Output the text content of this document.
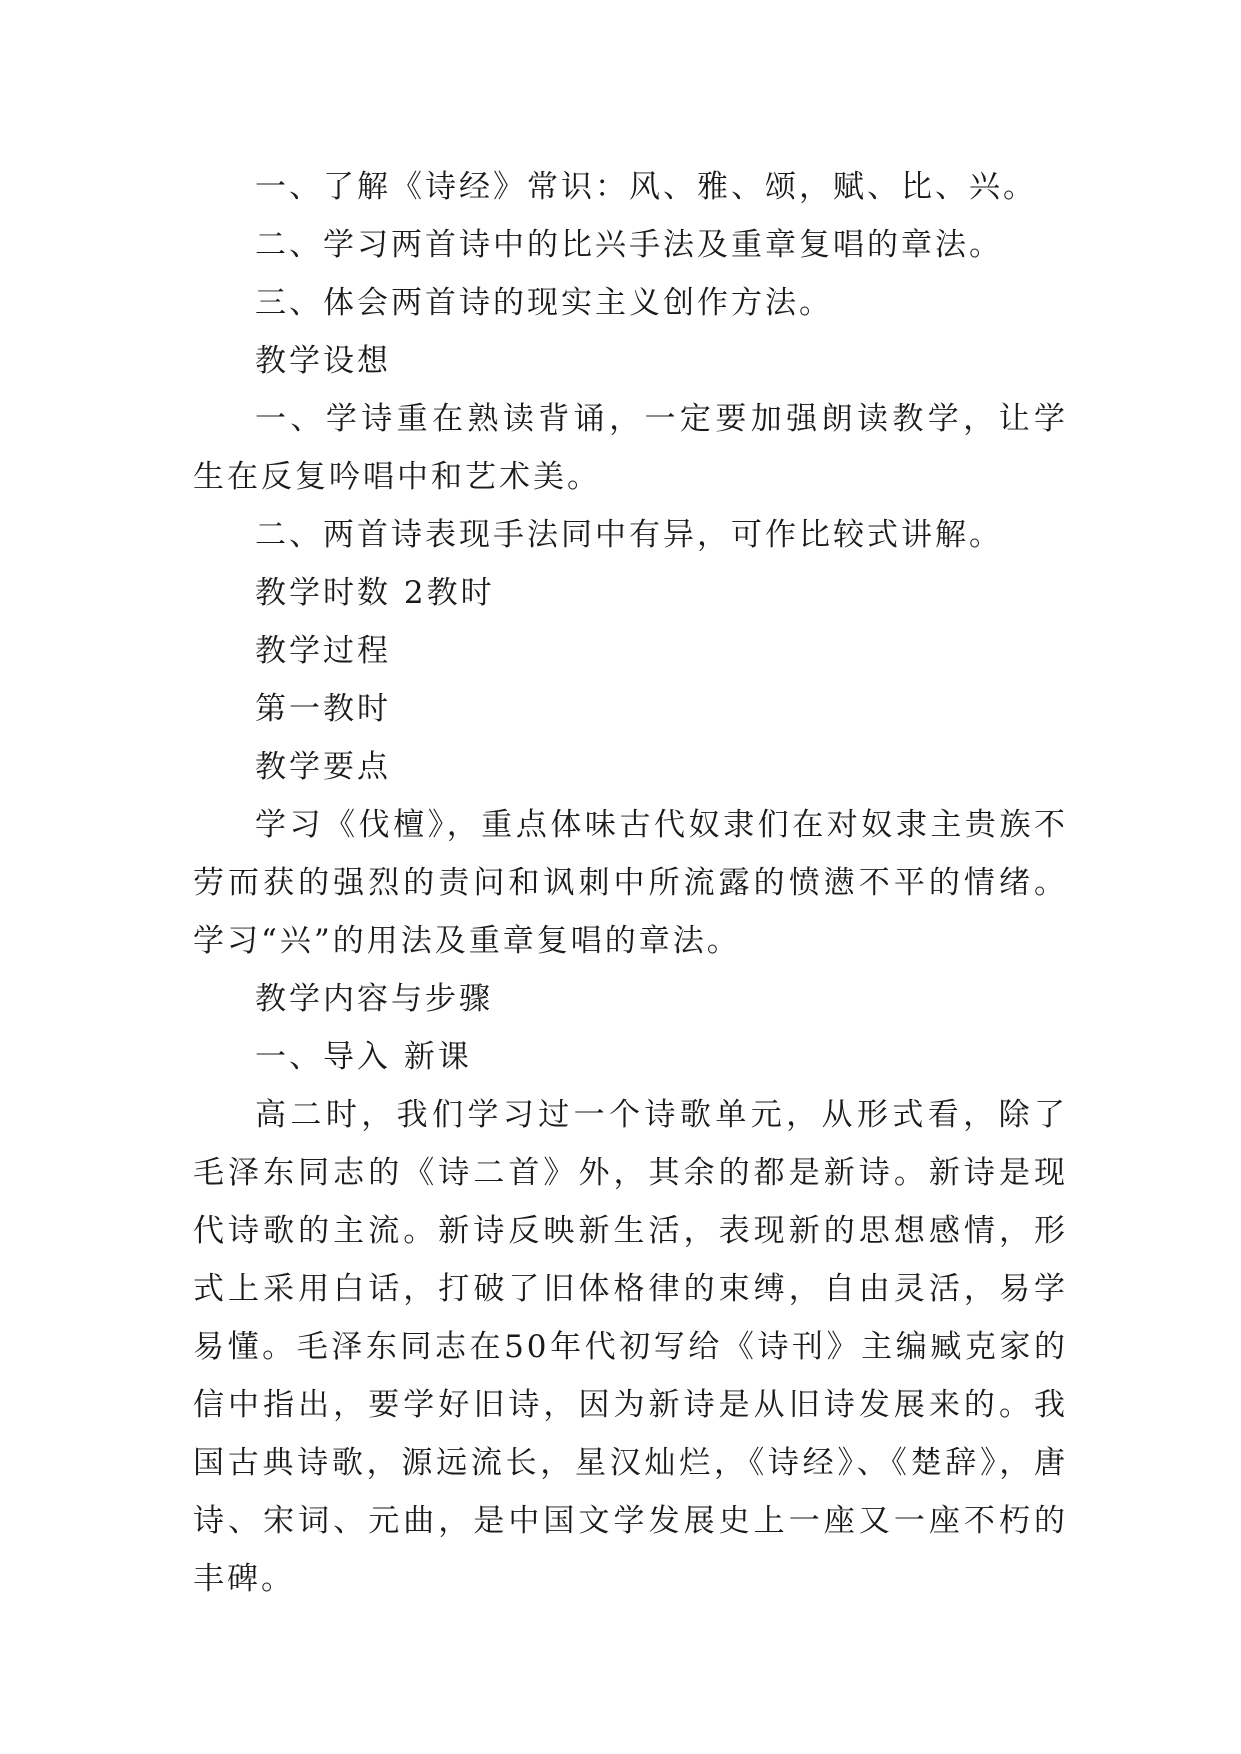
一、了解《诗经》常识：风、雅、颂，赋、比、兴。

二、学习两首诗中的比兴手法及重章复唱的章法。

三、体会两首诗的现实主义创作方法。

教学设想

一、学诗重在熟读背诵，一定要加强朗读教学，让学生在反复吟唱中和艺术美。

二、两首诗表现手法同中有异，可作比较式讲解。

教学时数 2教时

教学过程

第一教时

教学要点

学习《伐檀》，重点体味古代奴隶们在对奴隶主贵族不劳而获的强烈的责问和讽刺中所流露的愤懑不平的情绪。学习“兴”的用法及重章复唱的章法。

教学内容与步骤

一、导入 新课

高二时，我们学习过一个诗歌单元，从形式看，除了毛泽东同志的《诗二首》外，其余的都是新诗。新诗是现代诗歌的主流。新诗反映新生活，表现新的思想感情，形式上采用白话，打破了旧体格律的束缚，自由灵活，易学易懂。毛泽东同志在50年代初写给《诗刊》主编臧克家的信中指出，要学好旧诗，因为新诗是从旧诗发展来的。我国古典诗歌，源远流长，星汉灿烂，《诗经》、《楚辞》，唐诗、宋词、元曲，是中国文学发展史上一座又一座不朽的丰碑。
